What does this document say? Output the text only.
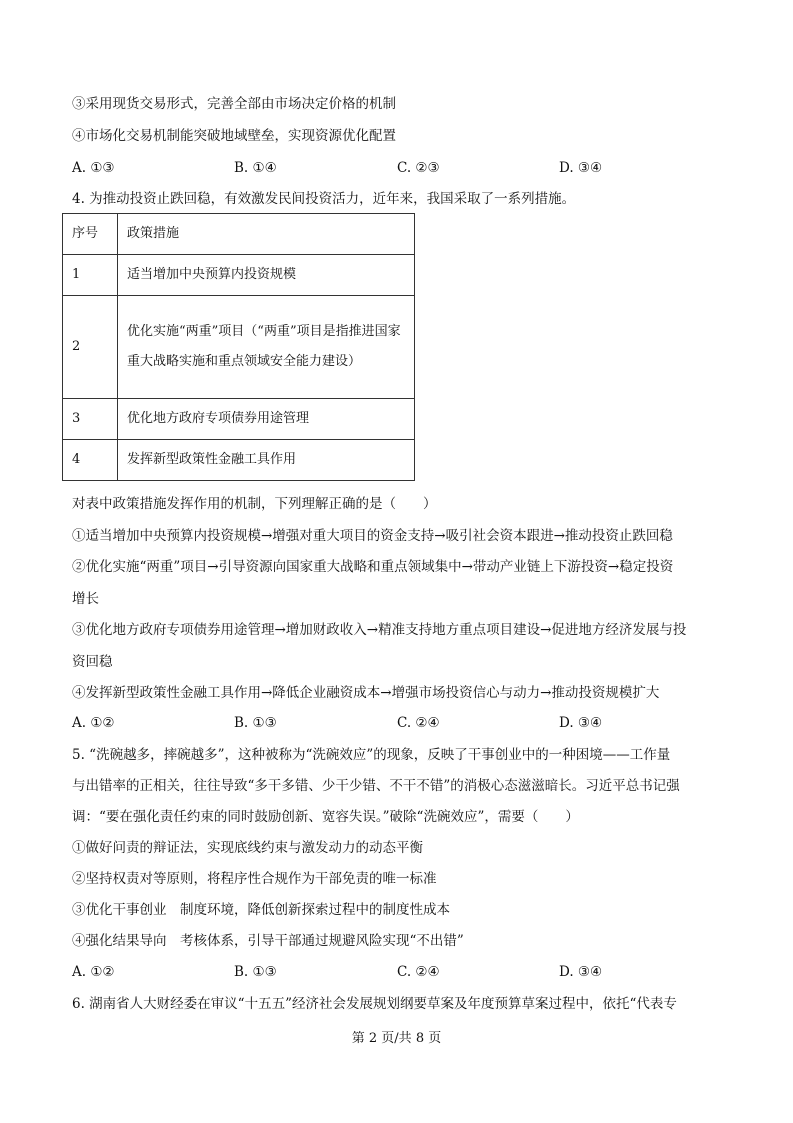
③采用现货交易形式，完善全部由市场决定价格的机制
④市场化交易机制能突破地域壁垒，实现资源优化配置
A. ①③	B. ①④	C. ②③	D. ③④
4. 为推动投资止跌回稳，有效激发民间投资活力，近年来，我国采取了一系列措施。
序号	政策措施
1	适当增加中央预算内投资规模
2	优化实施“两重”项目（“两重”项目是指推进国家重大战略实施和重点领域安全能力建设）
3	优化地方政府专项债券用途管理
4	发挥新型政策性金融工具作用
对表中政策措施发挥作用的机制，下列理解正确的是（　　）
①适当增加中央预算内投资规模→增强对重大项目的资金支持→吸引社会资本跟进→推动投资止跌回稳
②优化实施“两重”项目→引导资源向国家重大战略和重点领域集中→带动产业链上下游投资→稳定投资
增长
③优化地方政府专项债券用途管理→增加财政收入→精准支持地方重点项目建设→促进地方经济发展与投
资回稳
④发挥新型政策性金融工具作用→降低企业融资成本→增强市场投资信心与动力→推动投资规模扩大
A. ①②	B. ①③	C. ②④	D. ③④
5. “洗碗越多，摔碗越多”，这种被称为“洗碗效应”的现象，反映了干事创业中的一种困境——工作量
与出错率的正相关，往往导致“多干多错、少干少错、不干不错”的消极心态滋滋暗长。习近平总书记强
调：“要在强化责任约束的同时鼓励创新、宽容失误。”破除“洗碗效应”，需要（　　）
①做好问责的辩证法，实现底线约束与激发动力的动态平衡
②坚持权责对等原则，将程序性合规作为干部免责的唯一标准
③优化干事创业　制度环境，降低创新探索过程中的制度性成本
④强化结果导向　考核体系，引导干部通过规避风险实现“不出错”
A. ①②	B. ①③	C. ②④	D. ③④
6. 湖南省人大财经委在审议“十五五”经济社会发展规划纲要草案及年度预算草案过程中，依托“代表专
第 2 页/共 8 页
